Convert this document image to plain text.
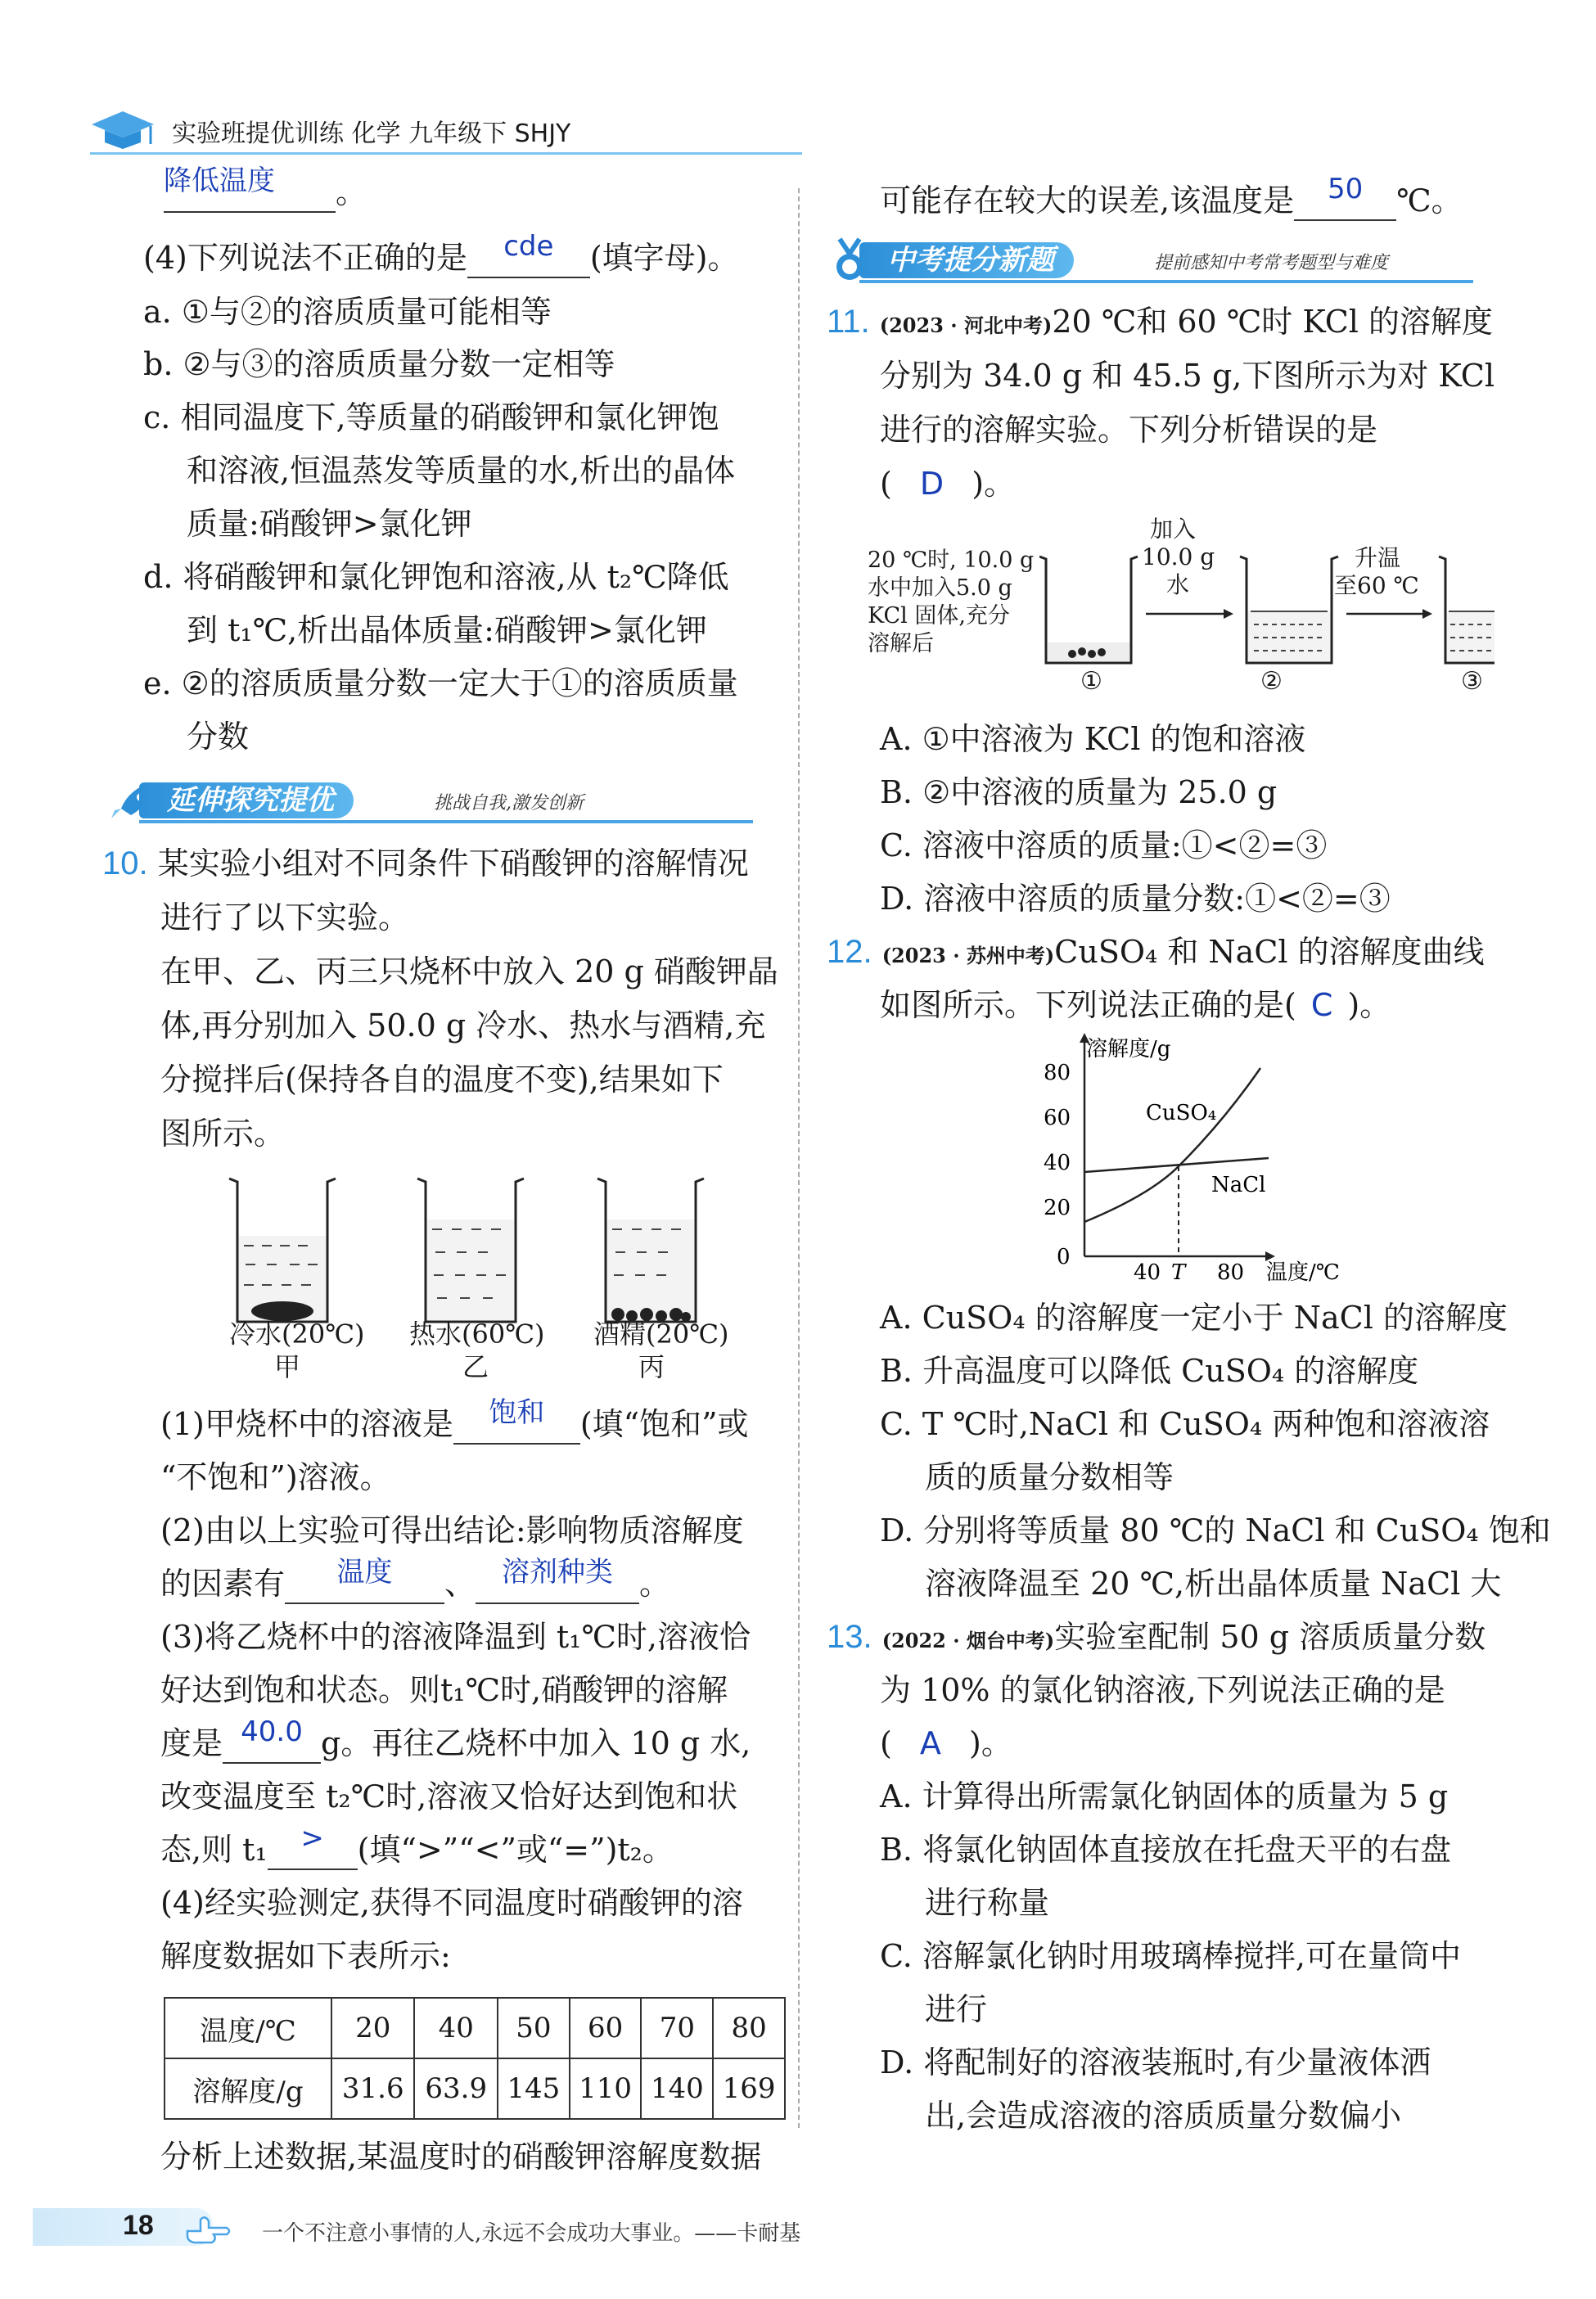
实验班提优训练 化学 九年级下 SHJY
降低温度	。
(4)下列说法不正确的是	cde	(填字母)。
a. ①与②的溶质质量可能相等
b. ②与③的溶质质量分数一定相等
c. 相同温度下,等质量的硝酸钾和氯化钾饱
和溶液,恒温蒸发等质量的水,析出的晶体
质量:硝酸钾>氯化钾
d. 将硝酸钾和氯化钾饱和溶液,从 t₂℃降低
到 t₁℃,析出晶体质量:硝酸钾>氯化钾
e. ②的溶质质量分数一定大于①的溶质质量
分数
延伸探究提优	挑战自我,激发创新
10. 某实验小组对不同条件下硝酸钾的溶解情况
进行了以下实验。
在甲、乙、丙三只烧杯中放入 20 g 硝酸钾晶
体,再分别加入 50.0 g 冷水、热水与酒精,充
分搅拌后(保持各自的温度不变),结果如下
图所示。
冷水(20℃)
甲
热水(60℃)
乙
酒精(20℃)
丙
(1)甲烧杯中的溶液是	饱和	(填“饱和”或
“不饱和”)溶液。
(2)由以上实验可得出结论:影响物质溶解度
的因素有	温度	、 溶剂种类 。
(3)将乙烧杯中的溶液降温到 t₁℃时,溶液恰
好达到饱和状态。则t₁℃时,硝酸钾的溶解
度是 40.0 g。再往乙烧杯中加入 10 g 水,
改变温度至 t₂℃时,溶液又恰好达到饱和状
态,则 t₁	>	(填“>”“<”或“=”)t₂。
(4)经实验测定,获得不同温度时硝酸钾的溶
解度数据如下表所示:
温度/℃	20	40	50	60	70	80
溶解度/g	31.6	63.9	145	110	140	169
分析上述数据,某温度时的硝酸钾溶解度数据
可能存在较大的误差,该温度是	50	℃。
中考提分新题	提前感知中考常考题型与难度
11. (2023 · 河北中考)20 ℃和 60 ℃时 KCl 的溶解度
分别为 34.0 g 和 45.5 g,下图所示为对 KCl
进行的溶解实验。下列分析错误的是
( D )。
20 ℃时, 10.0 g
水中加入5.0 g
KCl 固体,充分
溶解后
加入
10.0 g
水
升温
至60 ℃
①	②	③
A. ①中溶液为 KCl 的饱和溶液
B. ②中溶液的质量为 25.0 g
C. 溶液中溶质的质量:①<②=③
D. 溶液中溶质的质量分数:①<②=③
12. (2023 · 苏州中考)CuSO₄ 和 NaCl 的溶解度曲线
如图所示。下列说法正确的是( C )。
溶解度/g
温度/℃
80
60
40
20
0
40 T 80
CuSO₄
NaCl
A. CuSO₄ 的溶解度一定小于 NaCl 的溶解度
B. 升高温度可以降低 CuSO₄ 的溶解度
C. T ℃时,NaCl 和 CuSO₄ 两种饱和溶液溶
质的质量分数相等
D. 分别将等质量 80 ℃的 NaCl 和 CuSO₄ 饱和
溶液降温至 20 ℃,析出晶体质量 NaCl 大
13. (2022 · 烟台中考)实验室配制 50 g 溶质质量分数
为 10% 的氯化钠溶液,下列说法正确的是
( A )。
A. 计算得出所需氯化钠固体的质量为 5 g
B. 将氯化钠固体直接放在托盘天平的右盘
进行称量
C. 溶解氯化钠时用玻璃棒搅拌,可在量筒中
进行
D. 将配制好的溶液装瓶时,有少量液体洒
出,会造成溶液的溶质质量分数偏小
18	一个不注意小事情的人,永远不会成功大事业。——卡耐基
